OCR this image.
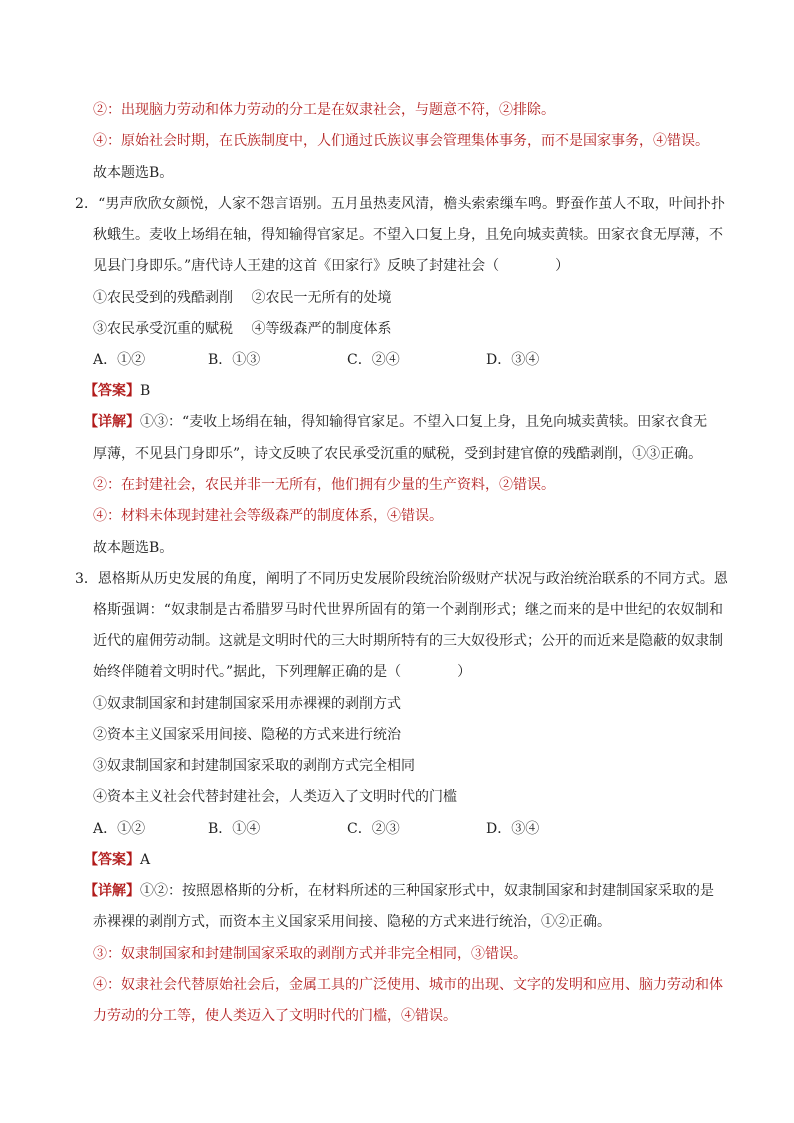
②：出现脑力劳动和体力劳动的分工是在奴隶社会，与题意不符，②排除。
④：原始社会时期，在氏族制度中，人们通过氏族议事会管理集体事务，而不是国家事务，④错误。
故本题选B。
2．“男声欣欣女颜悦，人家不怨言语别。五月虽热麦风清，檐头索索缫车鸣。野蚕作茧人不取，叶间扑扑
秋蛾生。麦收上场绢在轴，得知输得官家足。不望入口复上身，且免向城卖黄犊。田家衣食无厚薄，不
见县门身即乐。”唐代诗人王建的这首《田家行》反映了封建社会（　　　　）
①农民受到的残酷剥削　 ②农民一无所有的处境
③农民承受沉重的赋税　 ④等级森严的制度体系
A．①②	B．①③	C．②④	D．③④
【答案】B
【详解】①③：“麦收上场绢在轴，得知输得官家足。不望入口复上身，且免向城卖黄犊。田家衣食无
厚薄，不见县门身即乐”，诗文反映了农民承受沉重的赋税，受到封建官僚的残酷剥削，①③正确。
②：在封建社会，农民并非一无所有，他们拥有少量的生产资料，②错误。
④：材料未体现封建社会等级森严的制度体系，④错误。
故本题选B。
3．恩格斯从历史发展的角度，阐明了不同历史发展阶段统治阶级财产状况与政治统治联系的不同方式。恩
格斯强调：“奴隶制是古希腊罗马时代世界所固有的第一个剥削形式；继之而来的是中世纪的农奴制和
近代的雇佣劳动制。这就是文明时代的三大时期所特有的三大奴役形式；公开的而近来是隐蔽的奴隶制
始终伴随着文明时代。”据此，下列理解正确的是（　　　　）
①奴隶制国家和封建制国家采用赤裸裸的剥削方式
②资本主义国家采用间接、隐秘的方式来进行统治
③奴隶制国家和封建制国家采取的剥削方式完全相同
④资本主义社会代替封建社会，人类迈入了文明时代的门槛
A．①②	B．①④	C．②③	D．③④
【答案】A
【详解】①②：按照恩格斯的分析，在材料所述的三种国家形式中，奴隶制国家和封建制国家采取的是
赤裸裸的剥削方式，而资本主义国家采用间接、隐秘的方式来进行统治，①②正确。
③：奴隶制国家和封建制国家采取的剥削方式并非完全相同，③错误。
④：奴隶社会代替原始社会后，金属工具的广泛使用、城市的出现、文字的发明和应用、脑力劳动和体
力劳动的分工等，使人类迈入了文明时代的门槛，④错误。
